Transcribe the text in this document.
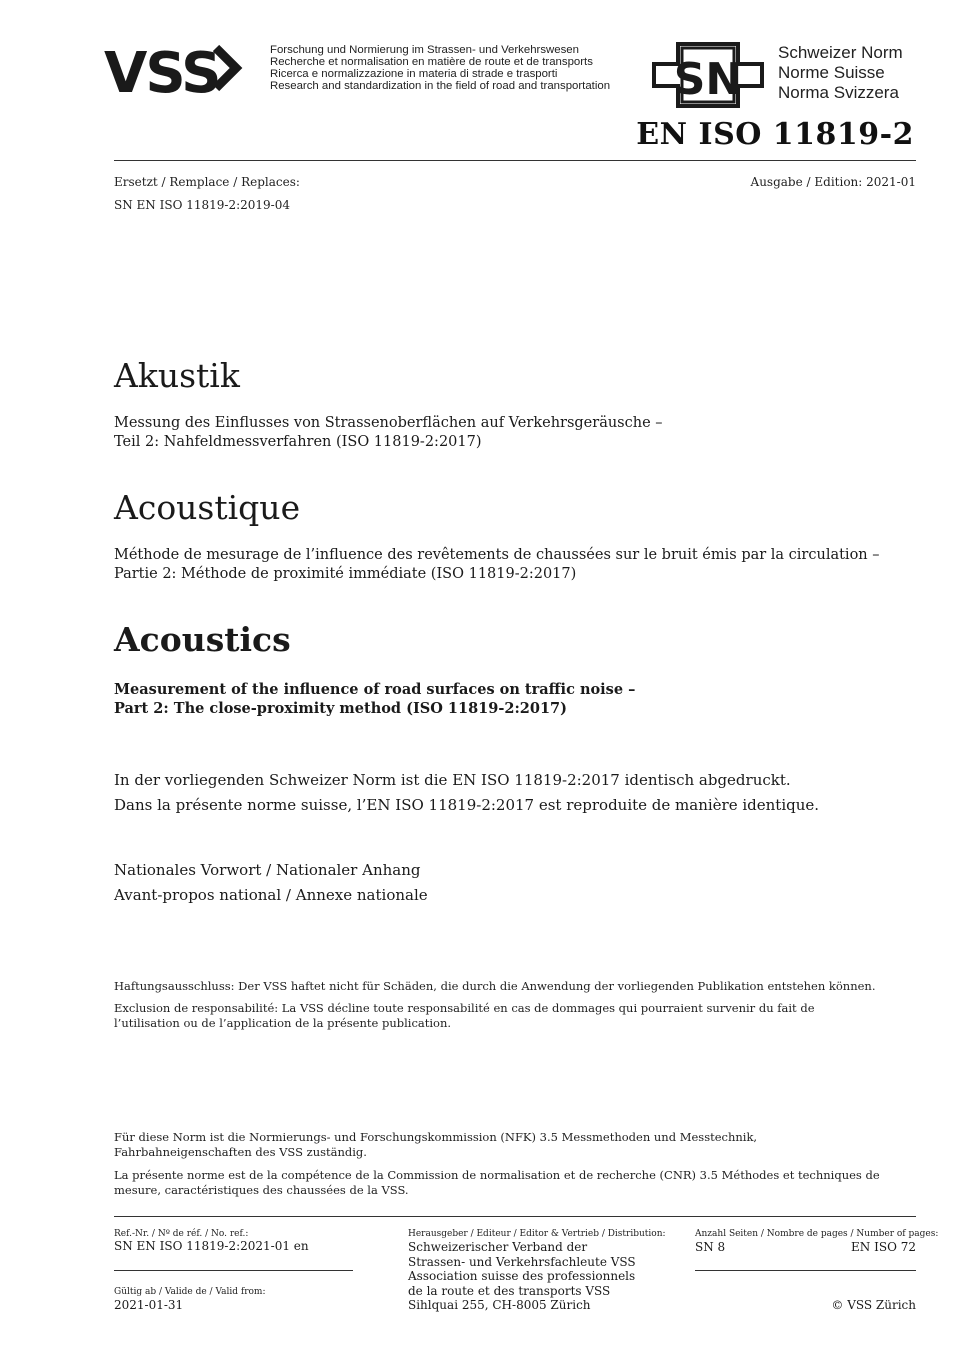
VSS	Forschung und Normierung im Strassen- und Verkehrswesen
Recherche et normalisation en matière de route et de transports
Ricerca e normalizzazione in materia di strade e trasporti
Research and standardization in the field of road and transportation SN
Schweizer Norm
Norme Suisse
Norma Svizzera
EN ISO 11819-2
Ersetzt / Remplace / Replaces:	Ausgabe / Edition: 2021-01
SN EN ISO 11819-2:2019-04
Akustik
Messung des Einflusses von Strassenoberflächen auf Verkehrsgeräusche –
Teil 2: Nahfeldmessverfahren (ISO 11819-2:2017)
Acoustique
Méthode de mesurage de l’influence des revêtements de chaussées sur le bruit émis par la circulation –
Partie 2: Méthode de proximité immédiate (ISO 11819-2:2017)
Acoustics
Measurement of the influence of road surfaces on traffic noise –
Part 2: The close-proximity method (ISO 11819-2:2017)
In der vorliegenden Schweizer Norm ist die EN ISO 11819-2:2017 identisch abgedruckt.
Dans la présente norme suisse, l’EN ISO 11819-2:2017 est reproduite de manière identique.
Nationales Vorwort / Nationaler Anhang
Avant-propos national / Annexe nationale
Haftungsausschluss: Der VSS haftet nicht für Schäden, die durch die Anwendung der vorliegenden Publikation entstehen können.
Exclusion de responsabilité: La VSS décline toute responsabilité en cas de dommages qui pourraient survenir du fait de l’utilisation ou de l’application de la présente publication.
Für diese Norm ist die Normierungs- und Forschungskommission (NFK) 3.5 Messmethoden und Messtechnik, Fahrbahneigenschaften des VSS zuständig.
La présente norme est de la compétence de la Commission de normalisation et de recherche (CNR) 3.5 Méthodes et techniques de mesure, caractéristiques des chaussées de la VSS.
Ref.-Nr. / Nº de réf. / No. ref.:
SN EN ISO 11819-2:2021-01 en
Gültig ab / Valide de / Valid from:
2021-01-31
Herausgeber / Editeur / Editor & Vertrieb / Distribution:
Schweizerischer Verband der
Strassen- und Verkehrsfachleute VSS
Association suisse des professionnels
de la route et des transports VSS
Sihlquai 255, CH-8005 Zürich
Anzahl Seiten / Nombre de pages / Number of pages:
SN 8	EN ISO 72
© VSS Zürich
